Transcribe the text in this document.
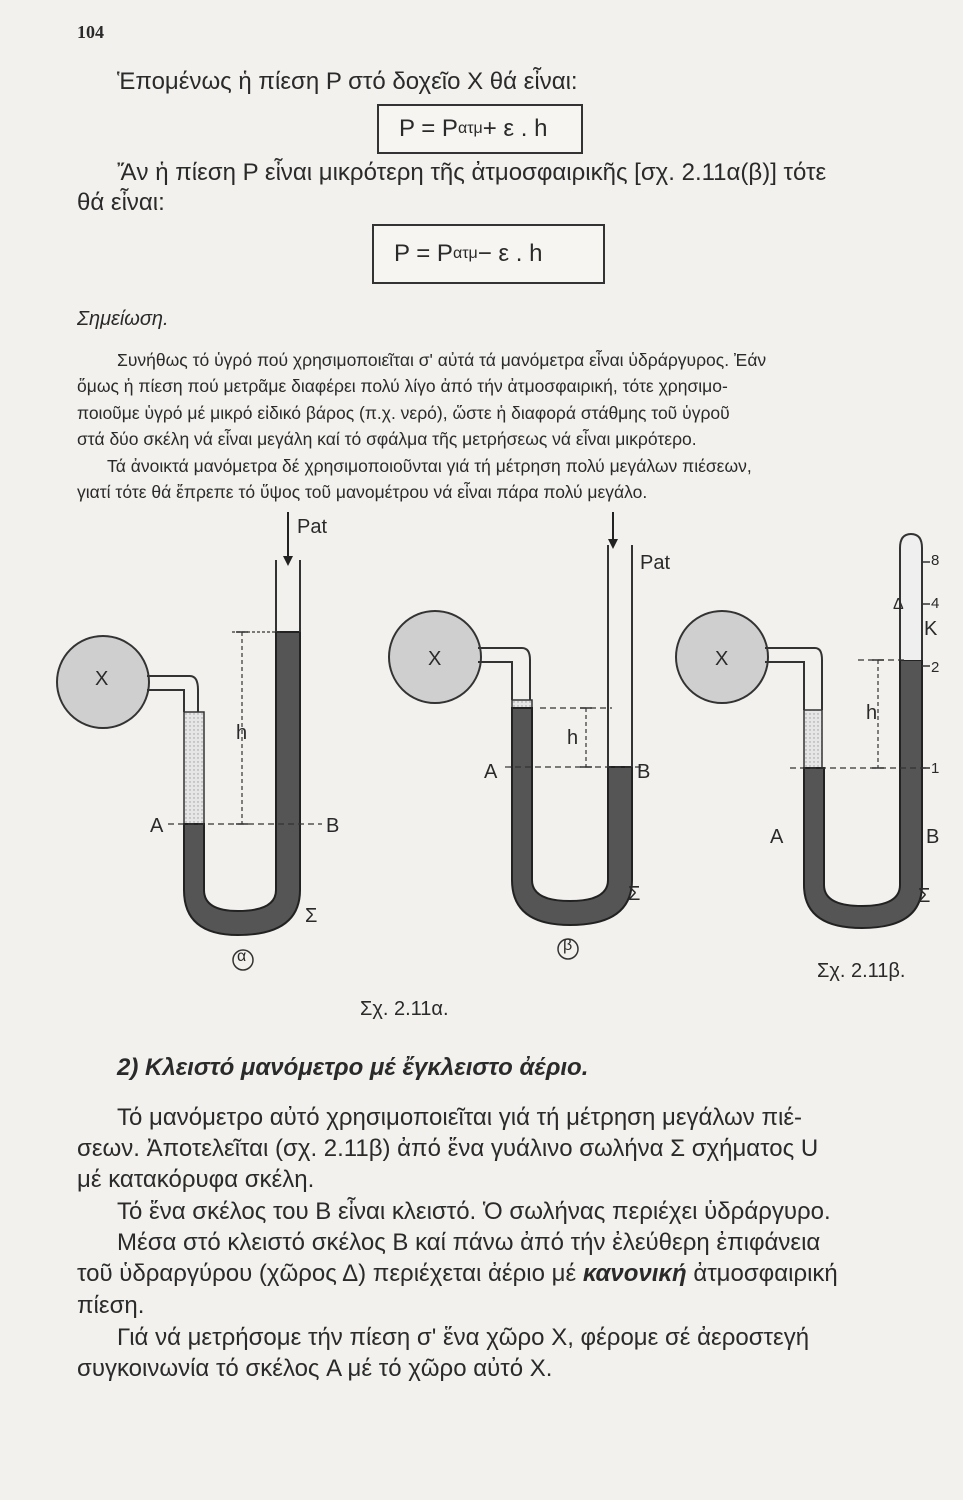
104
Ἑπομένως ἡ πίεση P στό δοχεῖο X θά εἶναι:
P = P ατμ + ε . h
Ἄν ἡ πίεση P εἶναι μικρότερη τῆς ἀτμοσφαιρικῆς [σχ. 2.11α(β)] τότε
θά εἶναι:
P = P ατμ − ε . h
Σημείωση.
Συνήθως τό ὑγρό πού χρησιμοποιεῖται σ' αὐτά τά μανόμετρα εἶναι ὑδράργυρος. Ἐάν
ὅμως ἡ πίεση πού μετρᾶμε διαφέρει πολύ λίγο ἀπό τήν ἀτμοσφαιρική, τότε χρησιμο-
ποιοῦμε ὑγρό μέ μικρό εἰδικό βάρος (π.χ. νερό), ὥστε ἡ διαφορά στάθμης τοῦ ὑγροῦ
στά δύο σκέλη νά εἶναι μεγάλη καί τό σφάλμα τῆς μετρήσεως νά εἶναι μικρότερο.
Τά ἀνοικτά μανόμετρα δέ χρησιμοποιοῦνται γιά τή μέτρηση πολύ μεγάλων πιέσεων,
γιατί τότε θά ἔπρεπε τό ὕψος τοῦ μανομέτρου νά εἶναι πάρα πολύ μεγάλο.
Pat
X
h
A	B
Σ
α
Σχ. 2.11α.
Pat
X
h
A	B
Σ
β
X
h
Δ
K
8
4
2
1
A	B
Σ
Σχ. 2.11β.
2) Κλειστό μανόμετρο μέ ἔγκλειστο ἀέριο.
Τό μανόμετρο αὐτό χρησιμοποιεῖται γιά τή μέτρηση μεγάλων πιέ-
σεων. Ἀποτελεῖται (σχ. 2.11β) ἀπό ἕνα γυάλινο σωλήνα Σ σχήματος U
μέ κατακόρυφα σκέλη.
Τό ἕνα σκέλος του B εἶναι κλειστό. Ὁ σωλήνας περιέχει ὑδράργυρο.
Μέσα στό κλειστό σκέλος B καί πάνω ἀπό τήν ἐλεύθερη ἐπιφάνεια
τοῦ ὑδραργύρου (χῶρος Δ) περιέχεται ἀέριο μέ κανονική ἀτμοσφαιρική
πίεση.
Γιά νά μετρήσομε τήν πίεση σ' ἕνα χῶρο X, φέρομε σέ ἀεροστεγή
συγκοινωνία τό σκέλος A μέ τό χῶρο αὐτό X.
